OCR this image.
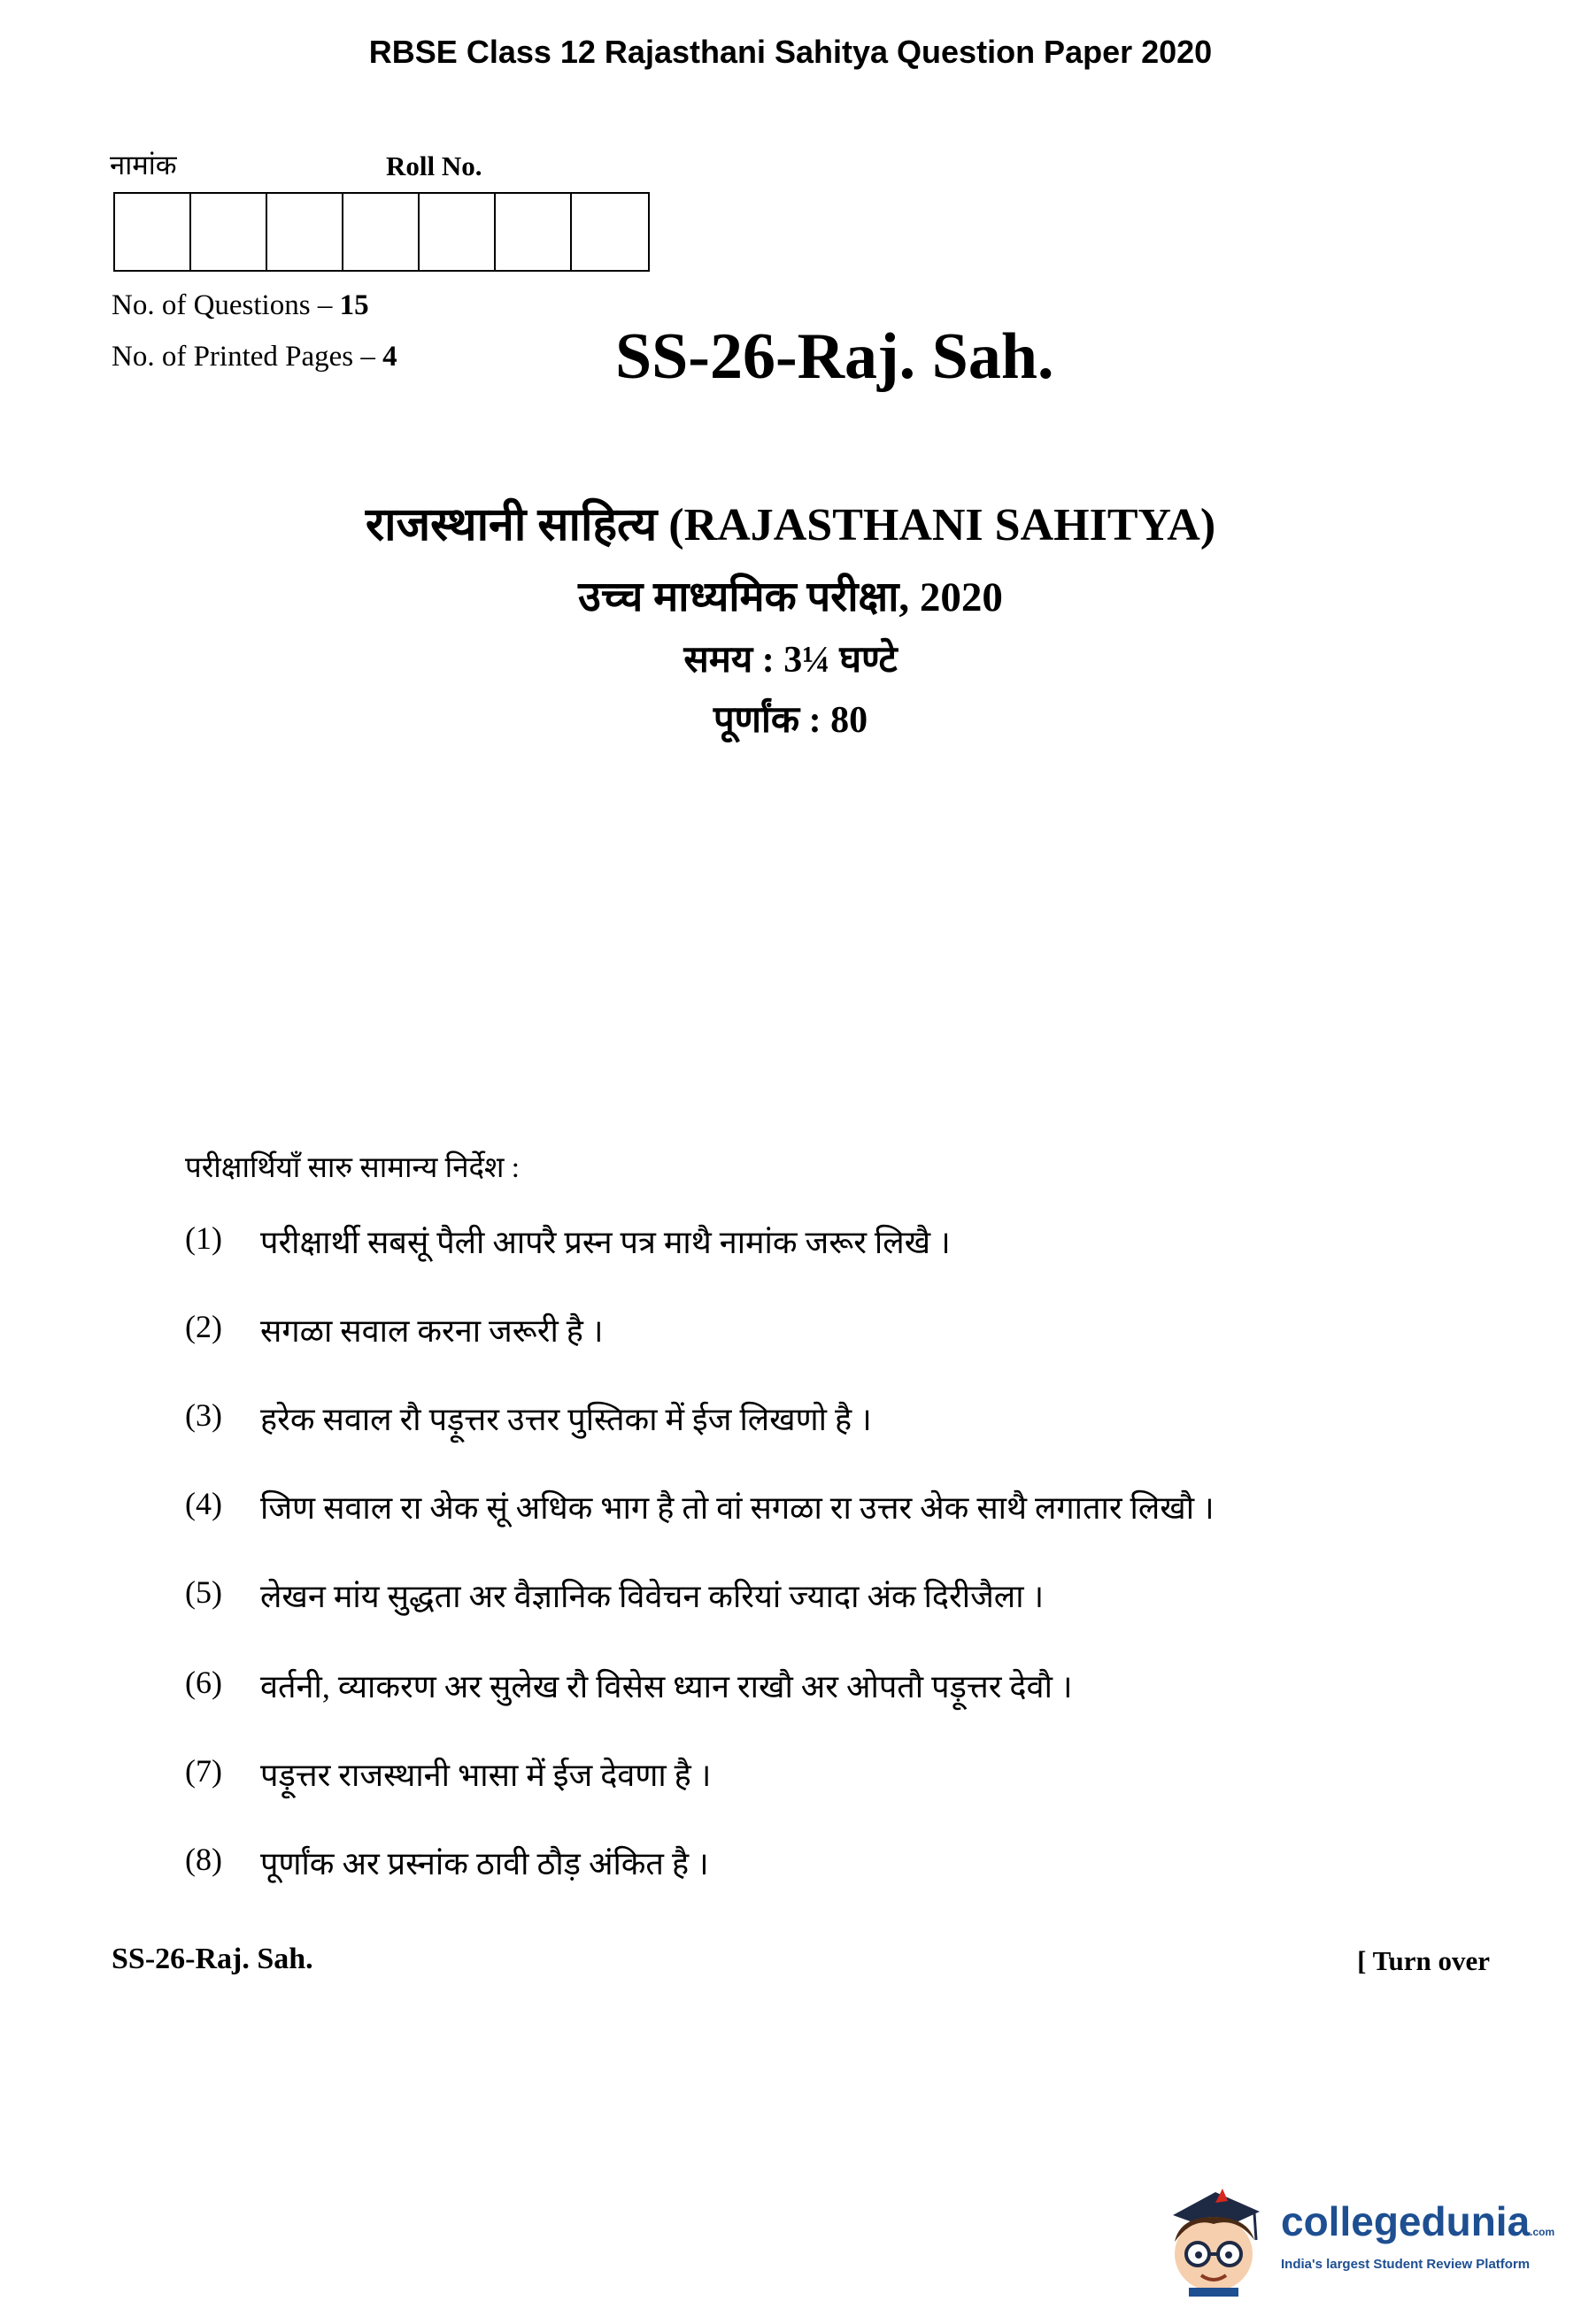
RBSE Class 12 Rajasthani Sahitya Question Paper 2020
नामांक	Roll No.
No. of Questions – 15
No. of Printed Pages – 4	SS-26-Raj. Sah.
राजस्थानी साहित्य (RAJASTHANI SAHITYA)
उच्च माध्यमिक परीक्षा, 2020
समय : 3¼ घण्टे
पूर्णांक : 80
परीक्षार्थियाँ सारु सामान्य निर्देश :
(1)	परीक्षार्थी सबसूं पैली आपरै प्रस्न पत्र माथै नामांक जरूर लिखै ।
(2)	सगळा सवाल करना जरूरी है ।
(3)	हरेक सवाल रौ पड़ूत्तर उत्तर पुस्तिका में ईज लिखणो है ।
(4)	जिण सवाल रा अेक सूं अधिक भाग है तो वां सगळा रा उत्तर अेक साथै लगातार लिखौ ।
(5)	लेखन मांय सुद्धता अर वैज्ञानिक विवेचन करियां ज्यादा अंक दिरीजैला ।
(6)	वर्तनी, व्याकरण अर सुलेख रौ विसेस ध्यान राखौ अर ओपतौ पड़ूत्तर देवौ ।
(7)	पड़ूत्तर राजस्थानी भासा में ईज देवणा है ।
(8)	पूर्णांक अर प्रस्नांक ठावी ठौड़ अंकित है ।
SS-26-Raj. Sah.	[ Turn over
collegedunia.com
India's largest Student Review Platform
